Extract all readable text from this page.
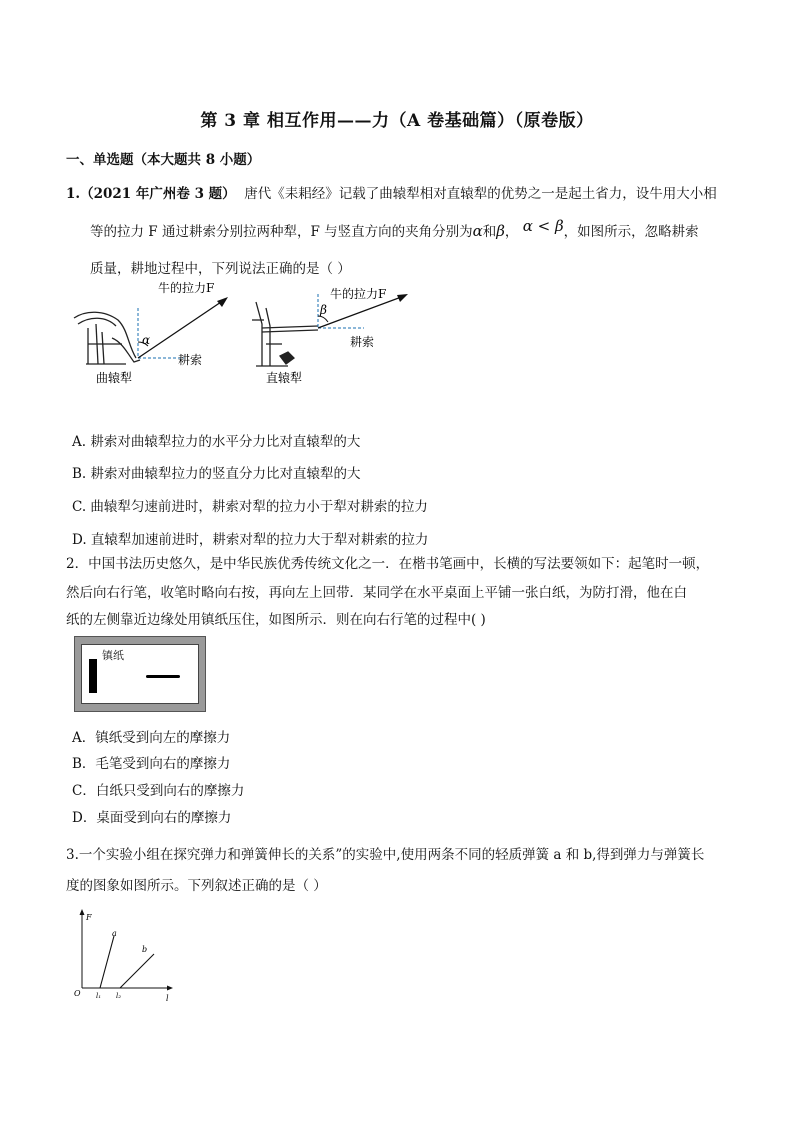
第 3 章 相互作用——力（A 卷基础篇）（原卷版）
一、单选题（本大题共 8 小题）
1.（2021 年广州卷 3 题） 唐代《耒耜经》记载了曲辕犁相对直辕犁的优势之一是起土省力，设牛用大小相
等的拉力 F 通过耕索分别拉两种犁，F 与竖直方向的夹角分别为α和β， α < β，如图所示，忽略耕索
质量，耕地过程中，下列说法正确的是（ ）
α
牛的拉力F
耕索
曲辕犁
β
牛的拉力F
耕索
直辕犁
A. 耕索对曲辕犁拉力的水平分力比对直辕犁的大
B. 耕索对曲辕犁拉力的竖直分力比对直辕犁的大
C. 曲辕犁匀速前进时，耕索对犁的拉力小于犁对耕索的拉力
D. 直辕犁加速前进时，耕索对犁的拉力大于犁对耕索的拉力
2．中国书法历史悠久，是中华民族优秀传统文化之一．在楷书笔画中，长横的写法要领如下：起笔时一顿，
然后向右行笔，收笔时略向右按，再向左上回带．某同学在水平桌面上平铺一张白纸，为防打滑，他在白
纸的左侧靠近边缘处用镇纸压住，如图所示．则在向右行笔的过程中( )
镇纸
A．镇纸受到向左的摩擦力
B．毛笔受到向右的摩擦力
C．白纸只受到向右的摩擦力
D．桌面受到向右的摩擦力
3.一个实验小组在探究弹力和弹簧伸长的关系”的实验中,使用两条不同的轻质弹簧 a 和 b,得到弹力与弹簧长
度的图象如图所示。下列叙述正确的是（ ）
F
l
O
a
b
l₁ l₂
